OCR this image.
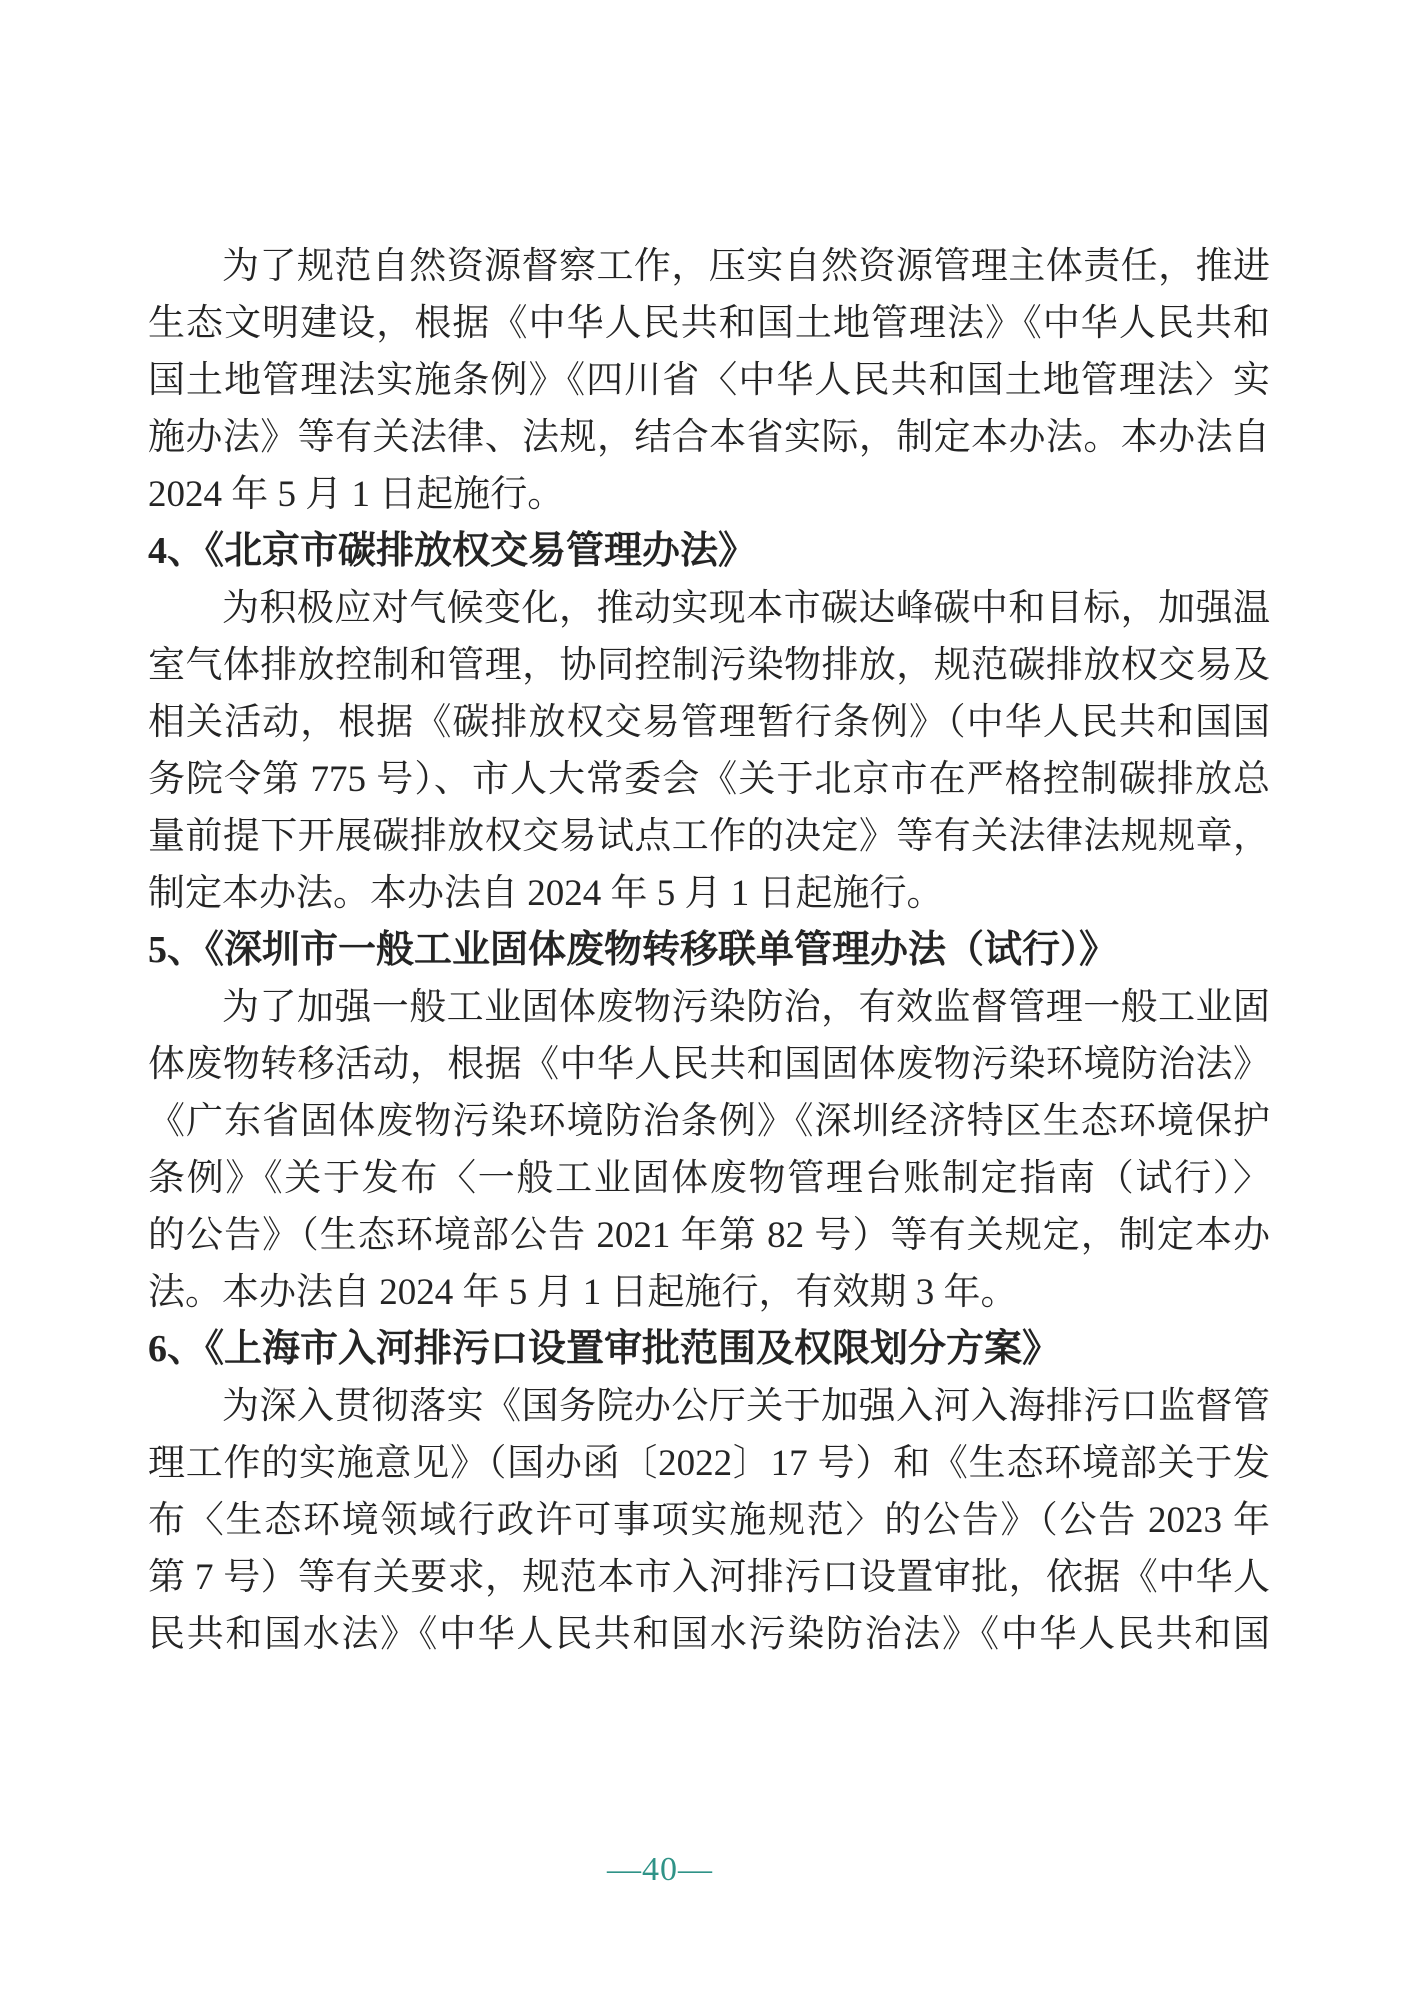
为了规范自然资源督察工作，压实自然资源管理主体责任，推进

生态文明建设，根据《中华人民共和国土地管理法》《中华人民共和

国土地管理法实施条例》《四川省〈中华人民共和国土地管理法〉实

施办法》等有关法律、法规，结合本省实际，制定本办法。本办法自

2024 年 5 月 1 日起施行。

4、《北京市碳排放权交易管理办法》

为积极应对气候变化，推动实现本市碳达峰碳中和目标，加强温

室气体排放控制和管理，协同控制污染物排放，规范碳排放权交易及

相关活动，根据《碳排放权交易管理暂行条例》（中华人民共和国国

务院令第 775 号）、市人大常委会《关于北京市在严格控制碳排放总

量前提下开展碳排放权交易试点工作的决定》等有关法律法规规章，

制定本办法。本办法自 2024 年 5 月 1 日起施行。

5、《深圳市一般工业固体废物转移联单管理办法（试行）》

为了加强一般工业固体废物污染防治，有效监督管理一般工业固

体废物转移活动，根据《中华人民共和国固体废物污染环境防治法》

《广东省固体废物污染环境防治条例》《深圳经济特区生态环境保护

条例》《关于发布〈一般工业固体废物管理台账制定指南（试行）〉

的公告》（生态环境部公告 2021 年第 82 号）等有关规定，制定本办

法。本办法自 2024 年 5 月 1 日起施行，有效期 3 年。

6、《上海市入河排污口设置审批范围及权限划分方案》

为深入贯彻落实《国务院办公厅关于加强入河入海排污口监督管

理工作的实施意见》（国办函〔2022〕17 号）和《生态环境部关于发

布〈生态环境领域行政许可事项实施规范〉的公告》（公告 2023 年

第 7 号）等有关要求，规范本市入河排污口设置审批，依据《中华人

民共和国水法》《中华人民共和国水污染防治法》《中华人民共和国

—40—
